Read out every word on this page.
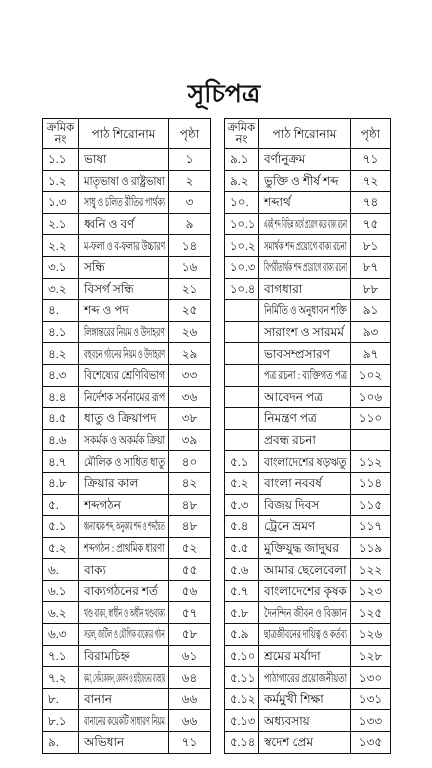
সূচিপত্র
ক্রমিক
নং	পাঠ শিরোনাম	পৃষ্ঠা
১.১	ভাষা	১
১.২	মাতৃভাষা ও রাষ্ট্রভাষা	২
১.৩	সাধু ও চলিত রীতির পার্থক্য	৩
২.১	ধ্বনি ও বর্ণ	৯
২.২	ম-ফলা ও ব-ফলার উচ্চারণ	১৪
৩.১	সন্ধি	১৬
৩.২	বিসর্গ সন্ধি	২১
৪.	শব্দ ও পদ	২৫
৪.১	লিঙ্গান্তরের নিয়ম ও উদাহরণ	২৬
৪.২	বহুবচন গঠনের নিয়ম ও উদাহরণ	২৯
৪.৩	বিশেষ্যের শ্রেণিবিভাগ	৩৩
৪.৪	নির্দেশক সর্বনামের রূপ	৩৬
৪.৫	ধাতু ও ক্রিয়াপদ	৩৮
৪.৬	সকর্মক ও অকর্মক ক্রিয়া	৩৯
৪.৭	মৌলিক ও সাধিত ধাতু	৪০
৪.৮	ক্রিয়ার কাল	৪২
৫.	শব্দগঠন	৪৮
৫.১	ধ্বন্যাত্মক শব্দ, অনুকার শব্দ ও শব্দদ্বৈত	৪৮
৫.২	শব্দগঠন : প্রাথমিক ধারণা	৫২
৬.	বাক্য	৫৫
৬.১	বাক্যগঠনের শর্ত	৫৬
৬.২	খণ্ড বাক্য, স্বাধীন ও অধীন খণ্ডবাক্য	৫৭
৬.৩	সরল, জটিল ও যৌগিক বাক্যের গঠন	৫৮
৭.১	বিরামচিহ্ন	৬১
৭.২	কমা, সেমিকোলন, কোলন ও হাইফেনের ব্যবহার	৬৪
৮.	বানান	৬৬
৮.১	বানানের কয়েকটি সাধারণ নিয়ম	৬৬
৯.	অভিধান	৭১
ক্রমিক
নং	পাঠ শিরোনাম	পৃষ্ঠা
৯.১	বর্ণানুক্রম	৭১
৯.২	ভুক্তি ও শীর্ষ শব্দ	৭২
১০.	শব্দার্থ	৭৪
১০.১	একই শব্দ বিভিন্ন অর্থে প্রয়োগ করে বাক্য রচনা	৭৫
১০.২	সমার্থক শব্দ প্রয়োগে বাক্য রচনা	৮১
১০.৩	বিপরীতার্থক শব্দ প্রয়োগে বাক্য রচনা	৮৭
১০.৪	বাগধারা	৮৮
	নির্মিতি ও অনুধাবন শক্তি	৯১
	সারাংশ ও সারমর্ম	৯৩
	ভাবসম্প্রসারণ	৯৭
	পত্র রচনা : ব্যক্তিগত পত্র	১০২
	আবেদন পত্র	১০৬
	নিমন্ত্রণ পত্র	১১০
	প্রবন্ধ রচনা	
৫.১	বাংলাদেশের ষড়ঋতু	১১২
৫.২	বাংলা নববর্ষ	১১৪
৫.৩	বিজয় দিবস	১১৫
৫.৪	ট্রেনে ভ্রমণ	১১৭
৫.৫	মুক্তিযুদ্ধ জাদুঘর	১১৯
৫.৬	আমার ছেলেবেলা	১২২
৫.৭	বাংলাদেশের কৃষক	১২৩
৫.৮	দৈনন্দিন জীবন ও বিজ্ঞান	১২৫
৫.৯	ছাত্রজীবনের দায়িত্ব ও কর্তব্য	১২৬
৫.১০	শ্রমের মর্যাদা	১২৮
৫.১১	পাঠাগারের প্রয়োজনীয়তা	১৩০
৫.১২	কর্মমুখী শিক্ষা	১৩১
৫.১৩	অধ্যবসায়	১৩৩
৫.১৪	স্বদেশ প্রেম	১৩৫
